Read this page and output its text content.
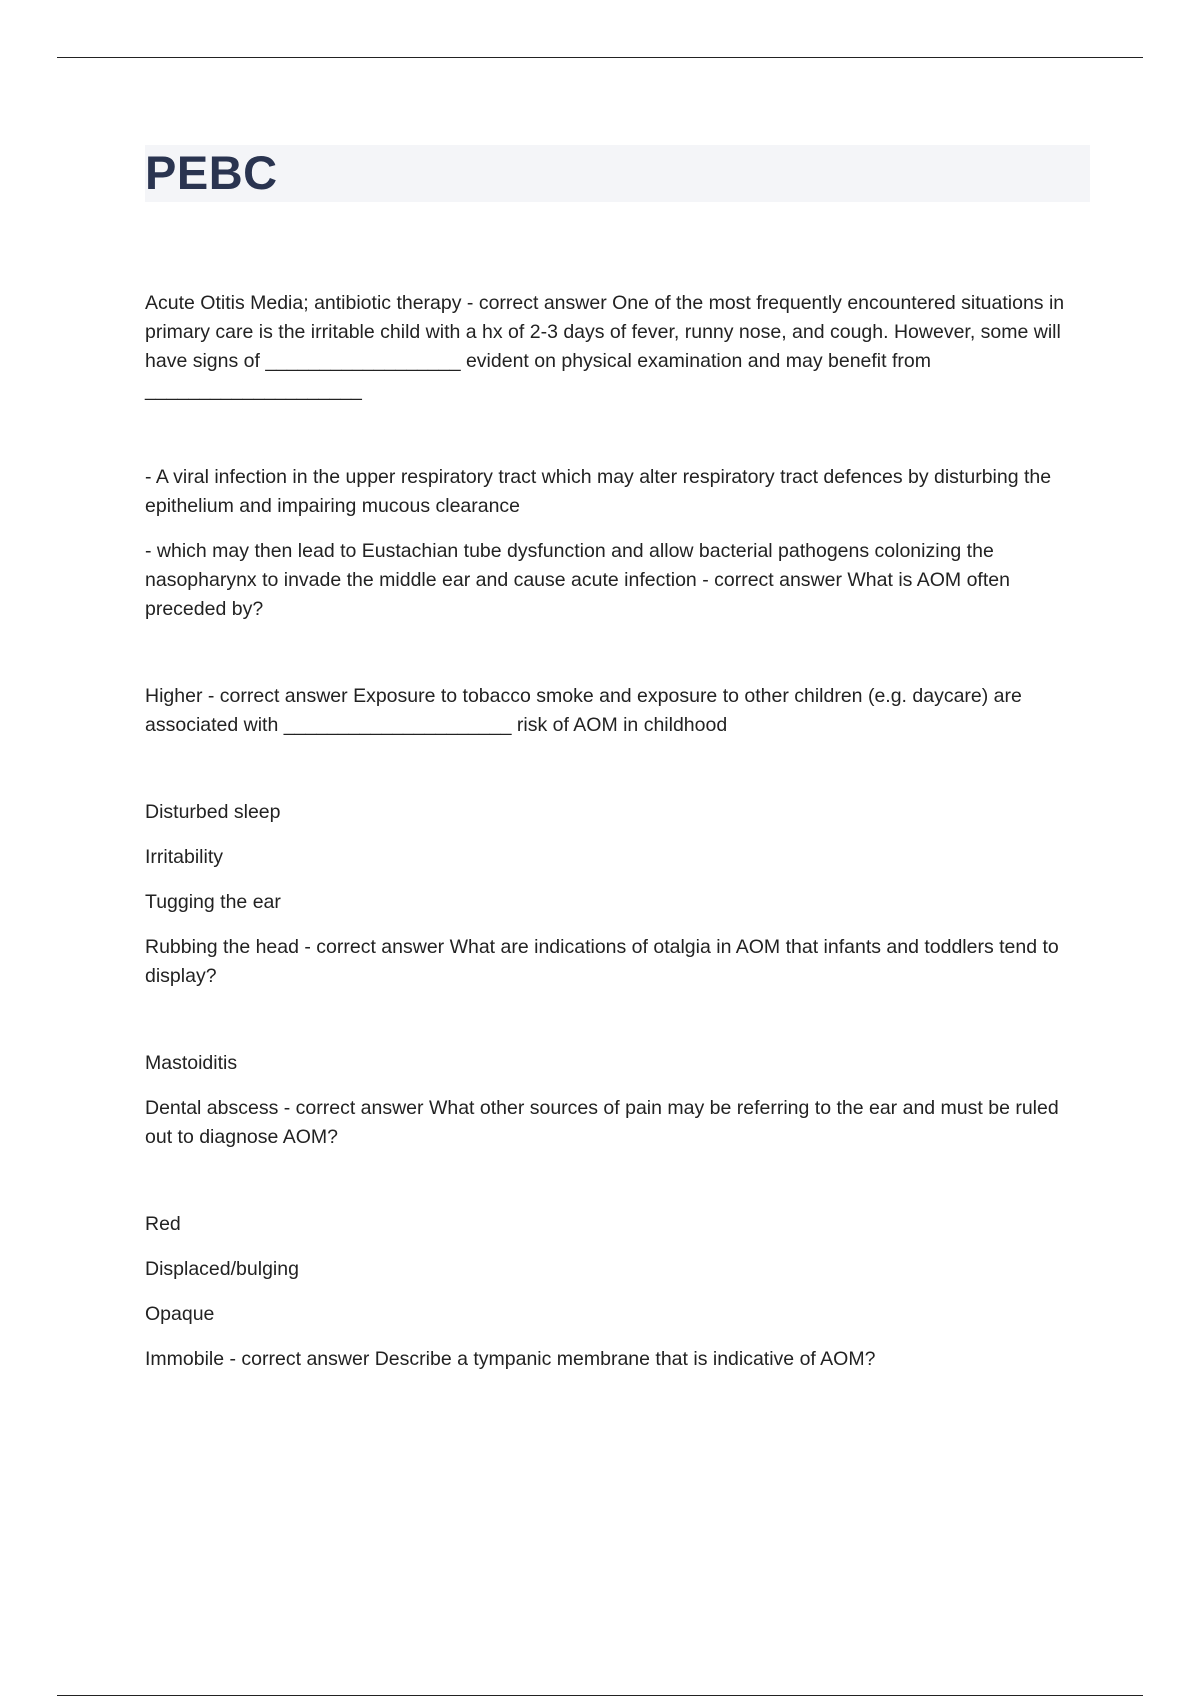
PEBC

Acute Otitis Media; antibiotic therapy - correct answer One of the most frequently encountered situations in primary care is the irritable child with a hx of 2-3 days of fever, runny nose, and cough. However, some will have signs of __________________ evident on physical examination and may benefit from ____________________

- A viral infection in the upper respiratory tract which may alter respiratory tract defences by disturbing the epithelium and impairing mucous clearance

- which may then lead to Eustachian tube dysfunction and allow bacterial pathogens colonizing the nasopharynx to invade the middle ear and cause acute infection - correct answer What is AOM often preceded by?

Higher - correct answer Exposure to tobacco smoke and exposure to other children (e.g. daycare) are associated with _____________________ risk of AOM in childhood

Disturbed sleep

Irritability

Tugging the ear

Rubbing the head - correct answer What are indications of otalgia in AOM that infants and toddlers tend to display?

Mastoiditis

Dental abscess - correct answer What other sources of pain may be referring to the ear and must be ruled out to diagnose AOM?

Red

Displaced/bulging

Opaque

Immobile - correct answer Describe a tympanic membrane that is indicative of AOM?
